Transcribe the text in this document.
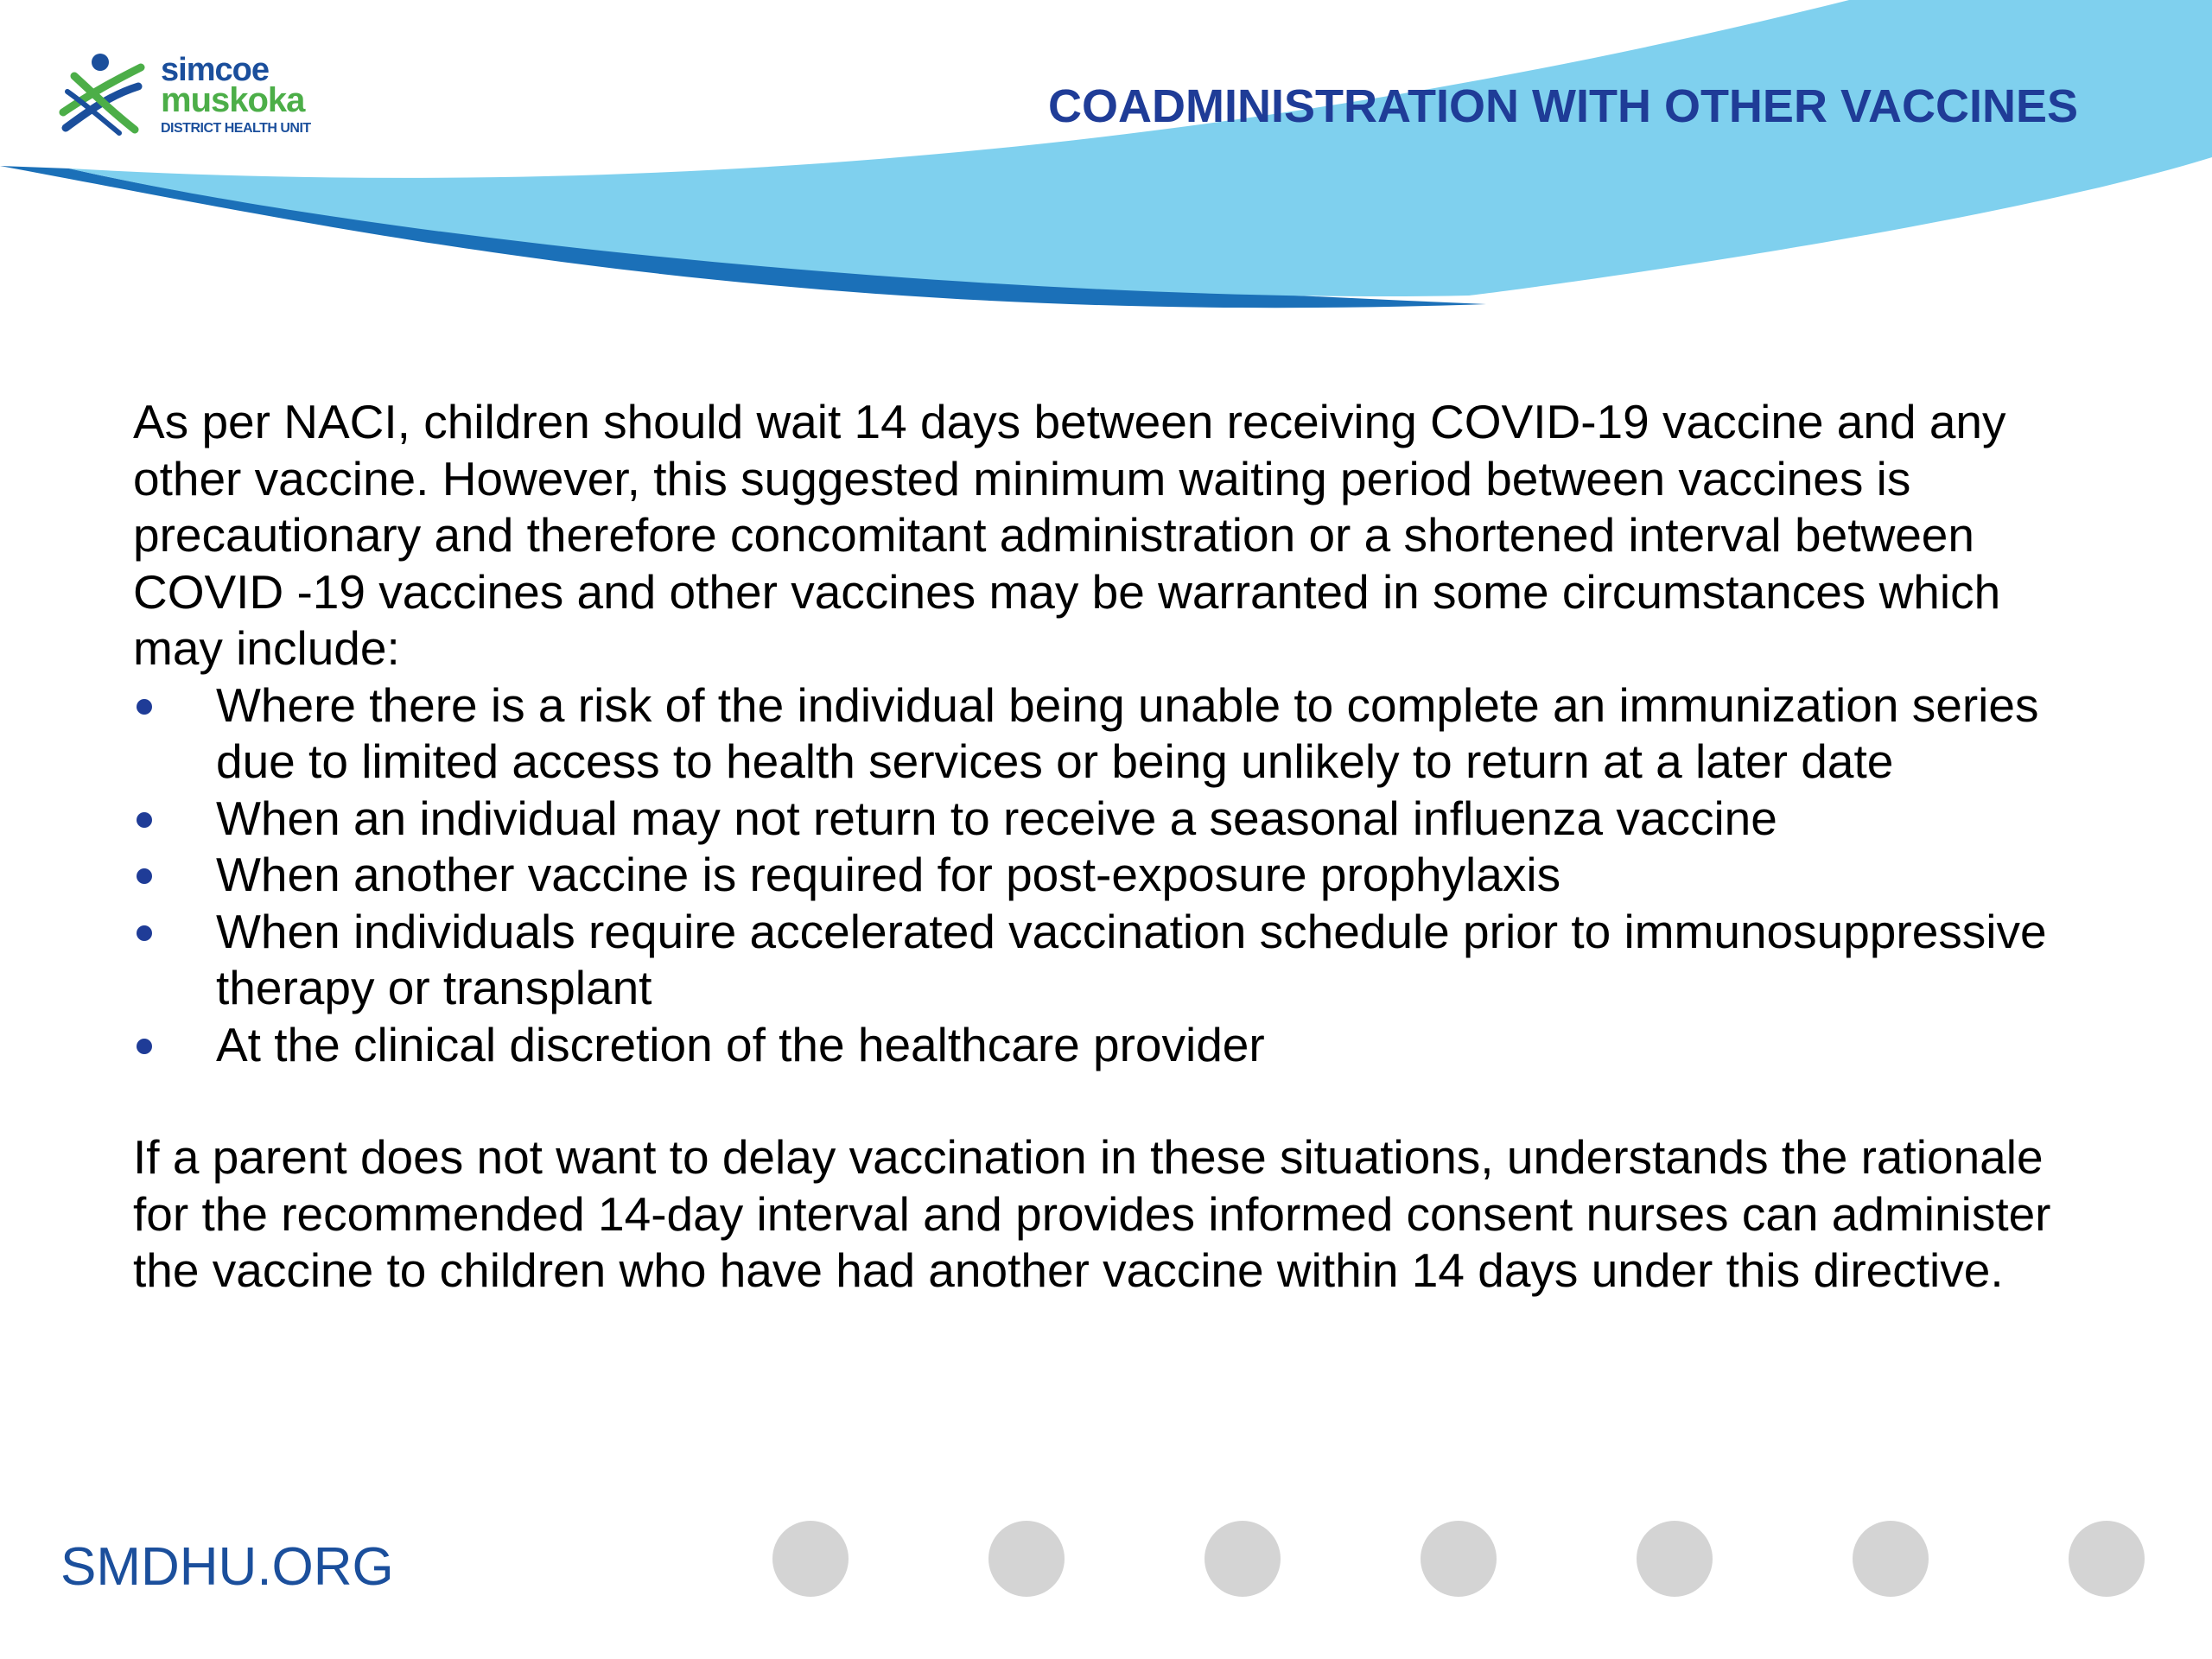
simcoe
muskoka
DISTRICT HEALTH UNIT	COADMINISTRATION WITH OTHER VACCINES

As per NACI, children should wait 14 days between receiving COVID-19 vaccine and any other vaccine. However, this suggested minimum waiting period between vaccines is precautionary and therefore concomitant administration or a shortened interval between COVID -19 vaccines and other vaccines may be warranted in some circumstances which may include:

Where there is a risk of the individual being unable to complete an immunization series due to limited access to health services or being unlikely to return at a later date
When an individual may not return to receive a seasonal influenza vaccine
When another vaccine is required for post-exposure prophylaxis
When individuals require accelerated vaccination schedule prior to immunosuppressive therapy or transplant
At the clinical discretion of the healthcare provider

If a parent does not want to delay vaccination in these situations, understands the rationale for the recommended 14-day interval and provides informed consent nurses can administer the vaccine to children who have had another vaccine within 14 days under this directive.

SMDHU.ORG
